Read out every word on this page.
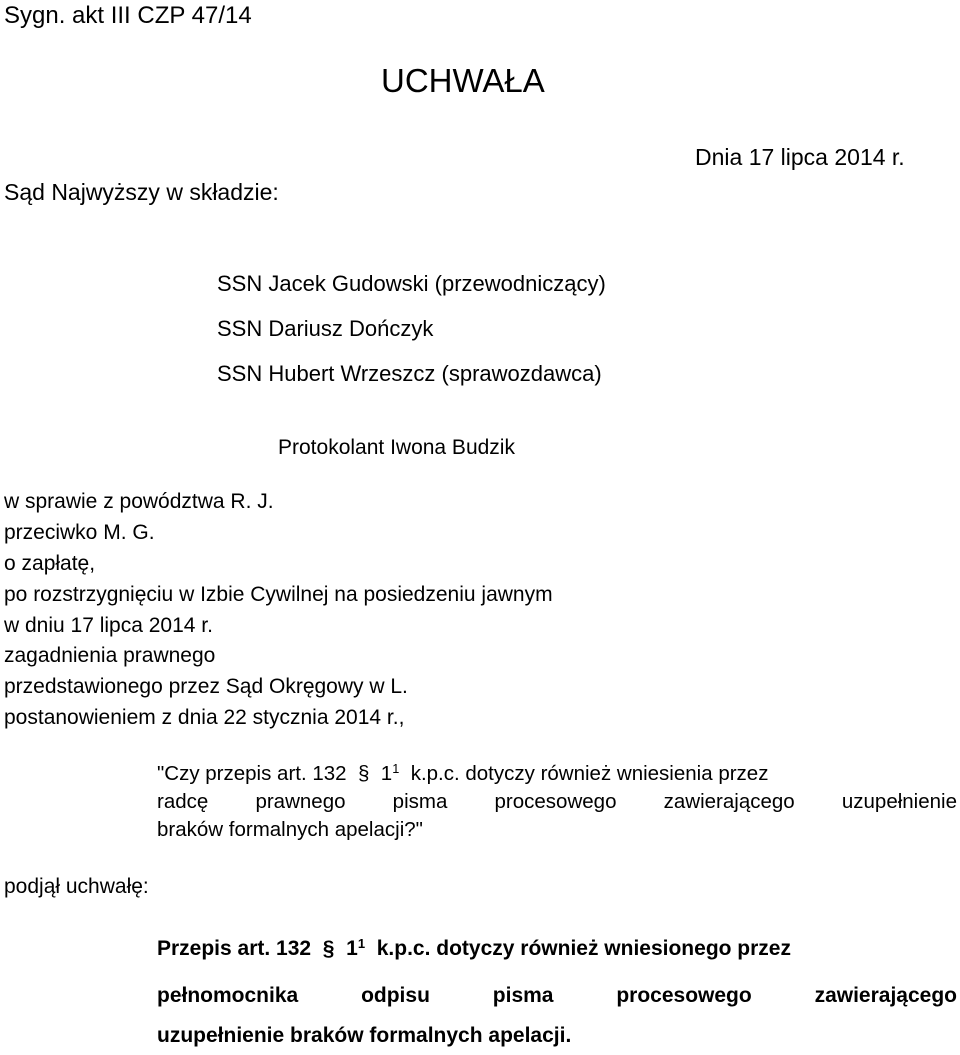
Sygn. akt III CZP 47/14
UCHWAŁA
Dnia 17 lipca 2014 r.
Sąd Najwyższy w składzie:
SSN Jacek Gudowski (przewodniczący)
SSN Dariusz Dończyk
SSN Hubert Wrzeszcz (sprawozdawca)
Protokolant Iwona Budzik
w sprawie z powództwa R. J.
przeciwko M. G.
o zapłatę,
po rozstrzygnięciu w Izbie Cywilnej na posiedzeniu jawnym
w dniu 17 lipca 2014 r.
zagadnienia prawnego
przedstawionego przez Sąd Okręgowy w L.
postanowieniem z dnia 22 stycznia 2014 r.,
"Czy przepis art. 132 § $1^1$ k.p.c. dotyczy również wniesienia przez
radcę prawnego pisma procesowego zawierającego uzupełnienie
braków formalnych apelacji?"
podjął uchwałę:
Przepis art. 132 § $1^1$ k.p.c. dotyczy również wniesionego przez
pełnomocnika odpisu pisma procesowego zawierającego
uzupełnienie braków formalnych apelacji.
